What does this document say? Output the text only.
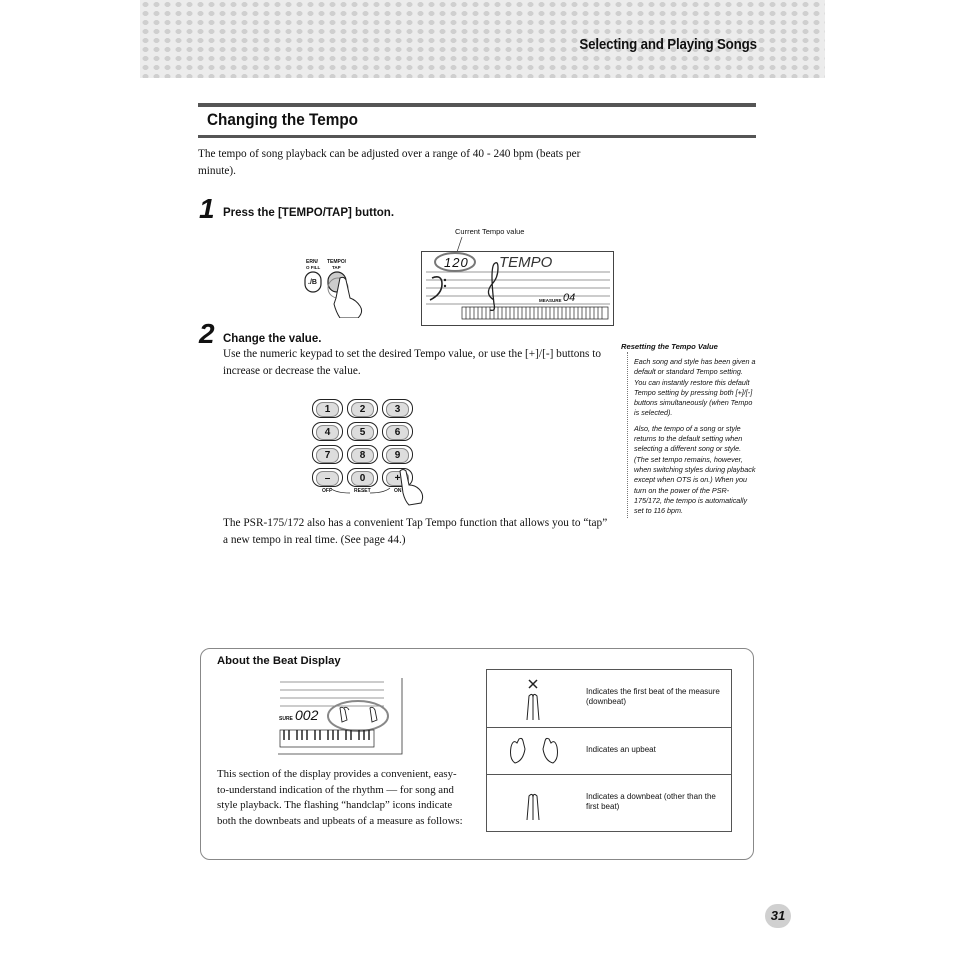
Selecting and Playing Songs
Changing the Tempo
The tempo of song playback can be adjusted over a range of 40 - 240 bpm (beats per minute).
1 Press the [TEMPO/TAP] button.
Current Tempo value
ERN/
O FILL
TEMPO/
TAP
./B
120 TEMPO
MEASURE 04
2 Change the value.
Use the numeric keypad to set the desired Tempo value, or use the [+]/[-] buttons to increase or decrease the value.
1	2	3
4	5	6
7	8	9
–	0	+
OFF	RESET	ON
The PSR-175/172 also has a convenient Tap Tempo function that allows you to “tap” a new tempo in real time. (See page 44.)
Resetting the Tempo Value

Each song and style has been given a default or standard Tempo setting. You can instantly restore this default Tempo setting by pressing both [+]/[-] buttons simultaneously (when Tempo is selected).

Also, the tempo of a song or style returns to the default setting when selecting a different song or style. (The set tempo remains, however, when switching styles during playback except when OTS is on.) When you turn on the power of the PSR-175/172, the tempo is automatically set to 116 bpm.

About the Beat Display
SURE 002
This section of the display provides a convenient, easy-to-understand indication of the rhythm — for song and style playback. The flashing “handclap” icons indicate both the downbeats and upbeats of a measure as follows:
Indicates the first beat of the measure (downbeat)
Indicates an upbeat
Indicates a downbeat (other than the first beat)
31
